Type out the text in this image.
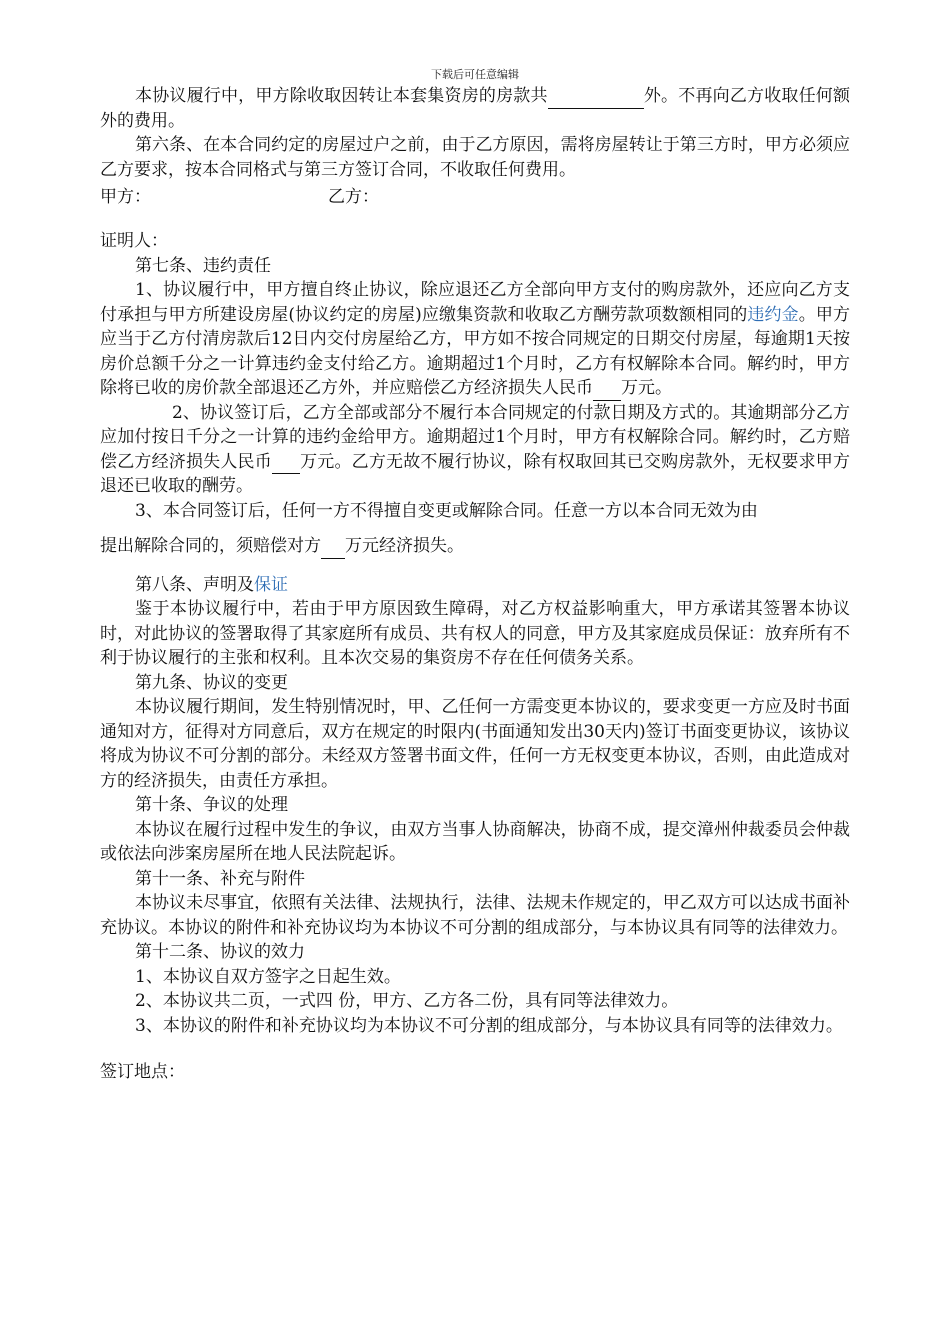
下载后可任意编辑

本协议履行中，甲方除收取因转让本套集资房的房款共	外。不再向乙方收取任何额外的费用。

第六条、在本合同约定的房屋过户之前，由于乙方原因，需将房屋转让于第三方时，甲方必须应乙方要求，按本合同格式与第三方签订合同，不收取任何费用。

甲方：	乙方：

证明人：

第七条、违约责任

1、协议履行中，甲方擅自终止协议，除应退还乙方全部向甲方支付的购房款外，还应向乙方支付承担与甲方所建设房屋(协议约定的房屋)应缴集资款和收取乙方酬劳款项数额相同的违约金。甲方应当于乙方付清房款后12日内交付房屋给乙方，甲方如不按合同规定的日期交付房屋，每逾期1天按房价总额千分之一计算违约金支付给乙方。逾期超过1个月时，乙方有权解除本合同。解约时，甲方除将已收的房价款全部退还乙方外，并应赔偿乙方经济损失人民币 万元。

2、协议签订后，乙方全部或部分不履行本合同规定的付款日期及方式的。其逾期部分乙方应加付按日千分之一计算的违约金给甲方。逾期超过1个月时，甲方有权解除合同。解约时，乙方赔偿乙方经济损失人民币 万元。乙方无故不履行协议，除有权取回其已交购房款外，无权要求甲方退还已收取的酬劳。

3、本合同签订后，任何一方不得擅自变更或解除合同。任意一方以本合同无效为由

提出解除合同的，须赔偿对方 万元经济损失。

第八条、声明及保证

鉴于本协议履行中，若由于甲方原因致生障碍，对乙方权益影响重大，甲方承诺其签署本协议时，对此协议的签署取得了其家庭所有成员、共有权人的同意，甲方及其家庭成员保证：放弃所有不利于协议履行的主张和权利。且本次交易的集资房不存在任何债务关系。

第九条、协议的变更

本协议履行期间，发生特别情况时，甲、乙任何一方需变更本协议的，要求变更一方应及时书面通知对方，征得对方同意后，双方在规定的时限内(书面通知发出30天内)签订书面变更协议，该协议将成为协议不可分割的部分。未经双方签署书面文件，任何一方无权变更本协议，否则，由此造成对方的经济损失，由责任方承担。

第十条、争议的处理

本协议在履行过程中发生的争议，由双方当事人协商解决，协商不成，提交漳州仲裁委员会仲裁或依法向涉案房屋所在地人民法院起诉。

第十一条、补充与附件

本协议未尽事宜，依照有关法律、法规执行，法律、法规未作规定的，甲乙双方可以达成书面补充协议。本协议的附件和补充协议均为本协议不可分割的组成部分，与本协议具有同等的法律效力。

第十二条、协议的效力

1、本协议自双方签字之日起生效。

2、本协议共二页，一式四 份，甲方、乙方各二份，具有同等法律效力。

3、本协议的附件和补充协议均为本协议不可分割的组成部分，与本协议具有同等的法律效力。

签订地点：
